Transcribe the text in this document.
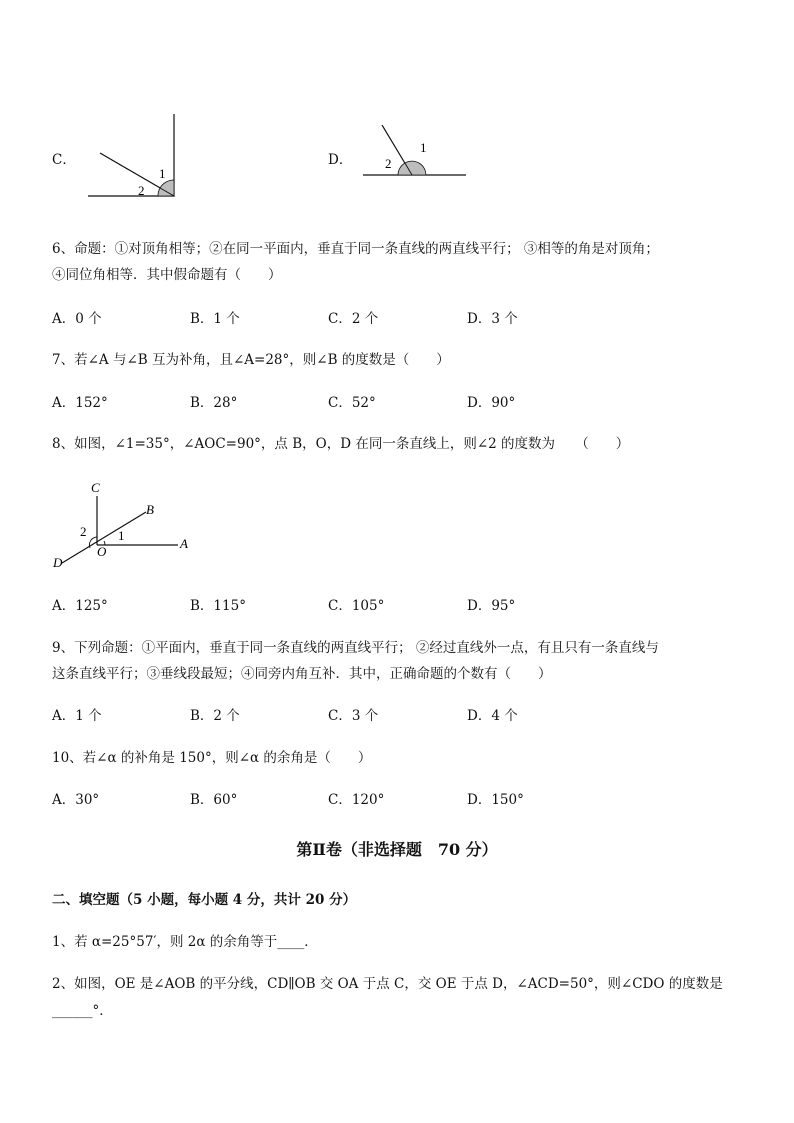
C．
1
2
D．
1
2
6、命题：①对顶角相等；②在同一平面内，垂直于同一条直线的两直线平行； ③相等的角是对顶角；
④同位角相等．其中假命题有（　　）
A．0 个	B．1 个	C．2 个	D．3 个
7、若∠A 与∠B 互为补角，且∠A=28°，则∠B 的度数是（　　）
A．152°	B．28°	C．52°	D．90°
8、如图，∠1=35°，∠AOC=90°，点 B，O，D 在同一条直线上，则∠2 的度数为　　（　　）
C
B
A
D
O
1
2
A．125°	B．115°	C．105°	D．95°
9、下列命题：①平面内，垂直于同一条直线的两直线平行； ②经过直线外一点，有且只有一条直线与
这条直线平行；③垂线段最短；④同旁内角互补．其中，正确命题的个数有（　　）
A．1 个	B．2 个	C．3 个	D．4 个
10、若∠α 的补角是 150°，则∠α 的余角是（　　）
A．30°	B．60°	C．120°	D．150°
第Ⅱ卷（非选择题　70 分）
二、填空题（5 小题，每小题 4 分，共计 20 分）
1、若 α=25°57′，则 2α 的余角等于____．
2、如图，OE 是∠AOB 的平分线，CD∥OB 交 OA 于点 C，交 OE 于点 D，∠ACD=50°，则∠CDO 的度数是
______°．
